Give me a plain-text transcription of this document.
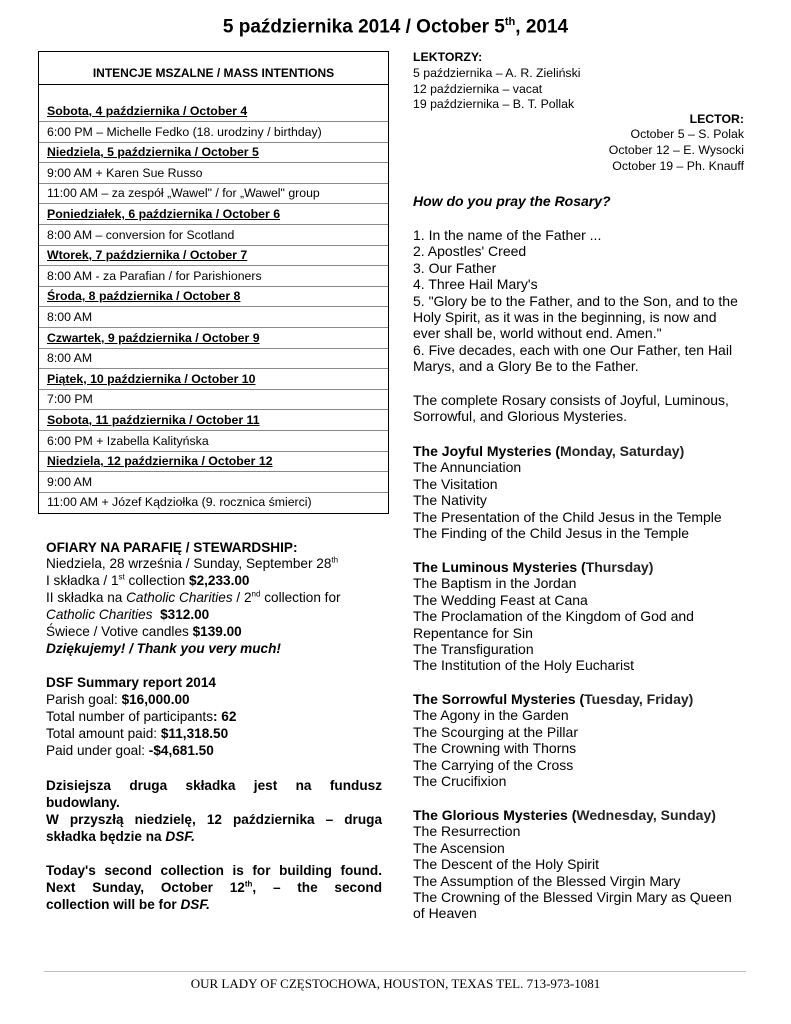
5 października 2014 / October 5th, 2014
INTENCJE MSZALNE / MASS INTENTIONS
Sobota, 4 października / October 4
6:00 PM – Michelle Fedko (18. urodziny / birthday)
Niedziela, 5 października / October 5
9:00 AM + Karen Sue Russo
11:00 AM – za zespół „Wawel" / for „Wawel" group
Poniedziałek, 6 października / October 6
8:00 AM – conversion for Scotland
Wtorek, 7 października / October 7
8:00 AM - za Parafian / for Parishioners
Środa, 8 października / October 8
8:00 AM
Czwartek, 9 października / October 9
8:00 AM
Piątek, 10 października / October 10
7:00 PM
Sobota, 11 października / October 11
6:00 PM + Izabella Kalityńska
Niedziela, 12 października / October 12
9:00 AM
11:00 AM + Józef Kądziołka (9. rocznica śmierci)
OFIARY NA PARAFIĘ / STEWARDSHIP:
Niedziela, 28 września / Sunday, September 28th
I składka / 1st collection $2,233.00
II składka na Catholic Charities / 2nd collection for
Catholic Charities $312.00
Świece / Votive candles $139.00
Dziękujemy! / Thank you very much!
DSF Summary report 2014
Parish goal: $16,000.00
Total number of participants: 62
Total amount paid: $11,318.50
Paid under goal: -$4,681.50
Dzisiejsza druga składka jest na fundusz
budowlany.
W przyszłą niedzielę, 12 października – druga
składka będzie na DSF.
Today's second collection is for building found.
Next Sunday, October 12th, – the second
collection will be for DSF.
LEKTORZY:
5 października – A. R. Zieliński
12 października – vacat
19 października – B. T. Pollak
LECTOR:
October 5 – S. Polak
October 12 – E. Wysocki
October 19 – Ph. Knauff
How do you pray the Rosary?
1. In the name of the Father ...
2. Apostles' Creed
3. Our Father
4. Three Hail Mary's
5. "Glory be to the Father, and to the Son, and to the
Holy Spirit, as it was in the beginning, is now and
ever shall be, world without end. Amen."
6. Five decades, each with one Our Father, ten Hail
Marys, and a Glory Be to the Father.
The complete Rosary consists of Joyful, Luminous,
Sorrowful, and Glorious Mysteries.
The Joyful Mysteries (Monday, Saturday)
The Annunciation
The Visitation
The Nativity
The Presentation of the Child Jesus in the Temple
The Finding of the Child Jesus in the Temple
The Luminous Mysteries (Thursday)
The Baptism in the Jordan
The Wedding Feast at Cana
The Proclamation of the Kingdom of God and
Repentance for Sin
The Transfiguration
The Institution of the Holy Eucharist
The Sorrowful Mysteries (Tuesday, Friday)
The Agony in the Garden
The Scourging at the Pillar
The Crowning with Thorns
The Carrying of the Cross
The Crucifixion
The Glorious Mysteries (Wednesday, Sunday)
The Resurrection
The Ascension
The Descent of the Holy Spirit
The Assumption of the Blessed Virgin Mary
The Crowning of the Blessed Virgin Mary as Queen
of Heaven
OUR LADY OF CZĘSTOCHOWA, HOUSTON, TEXAS TEL. 713-973-1081
